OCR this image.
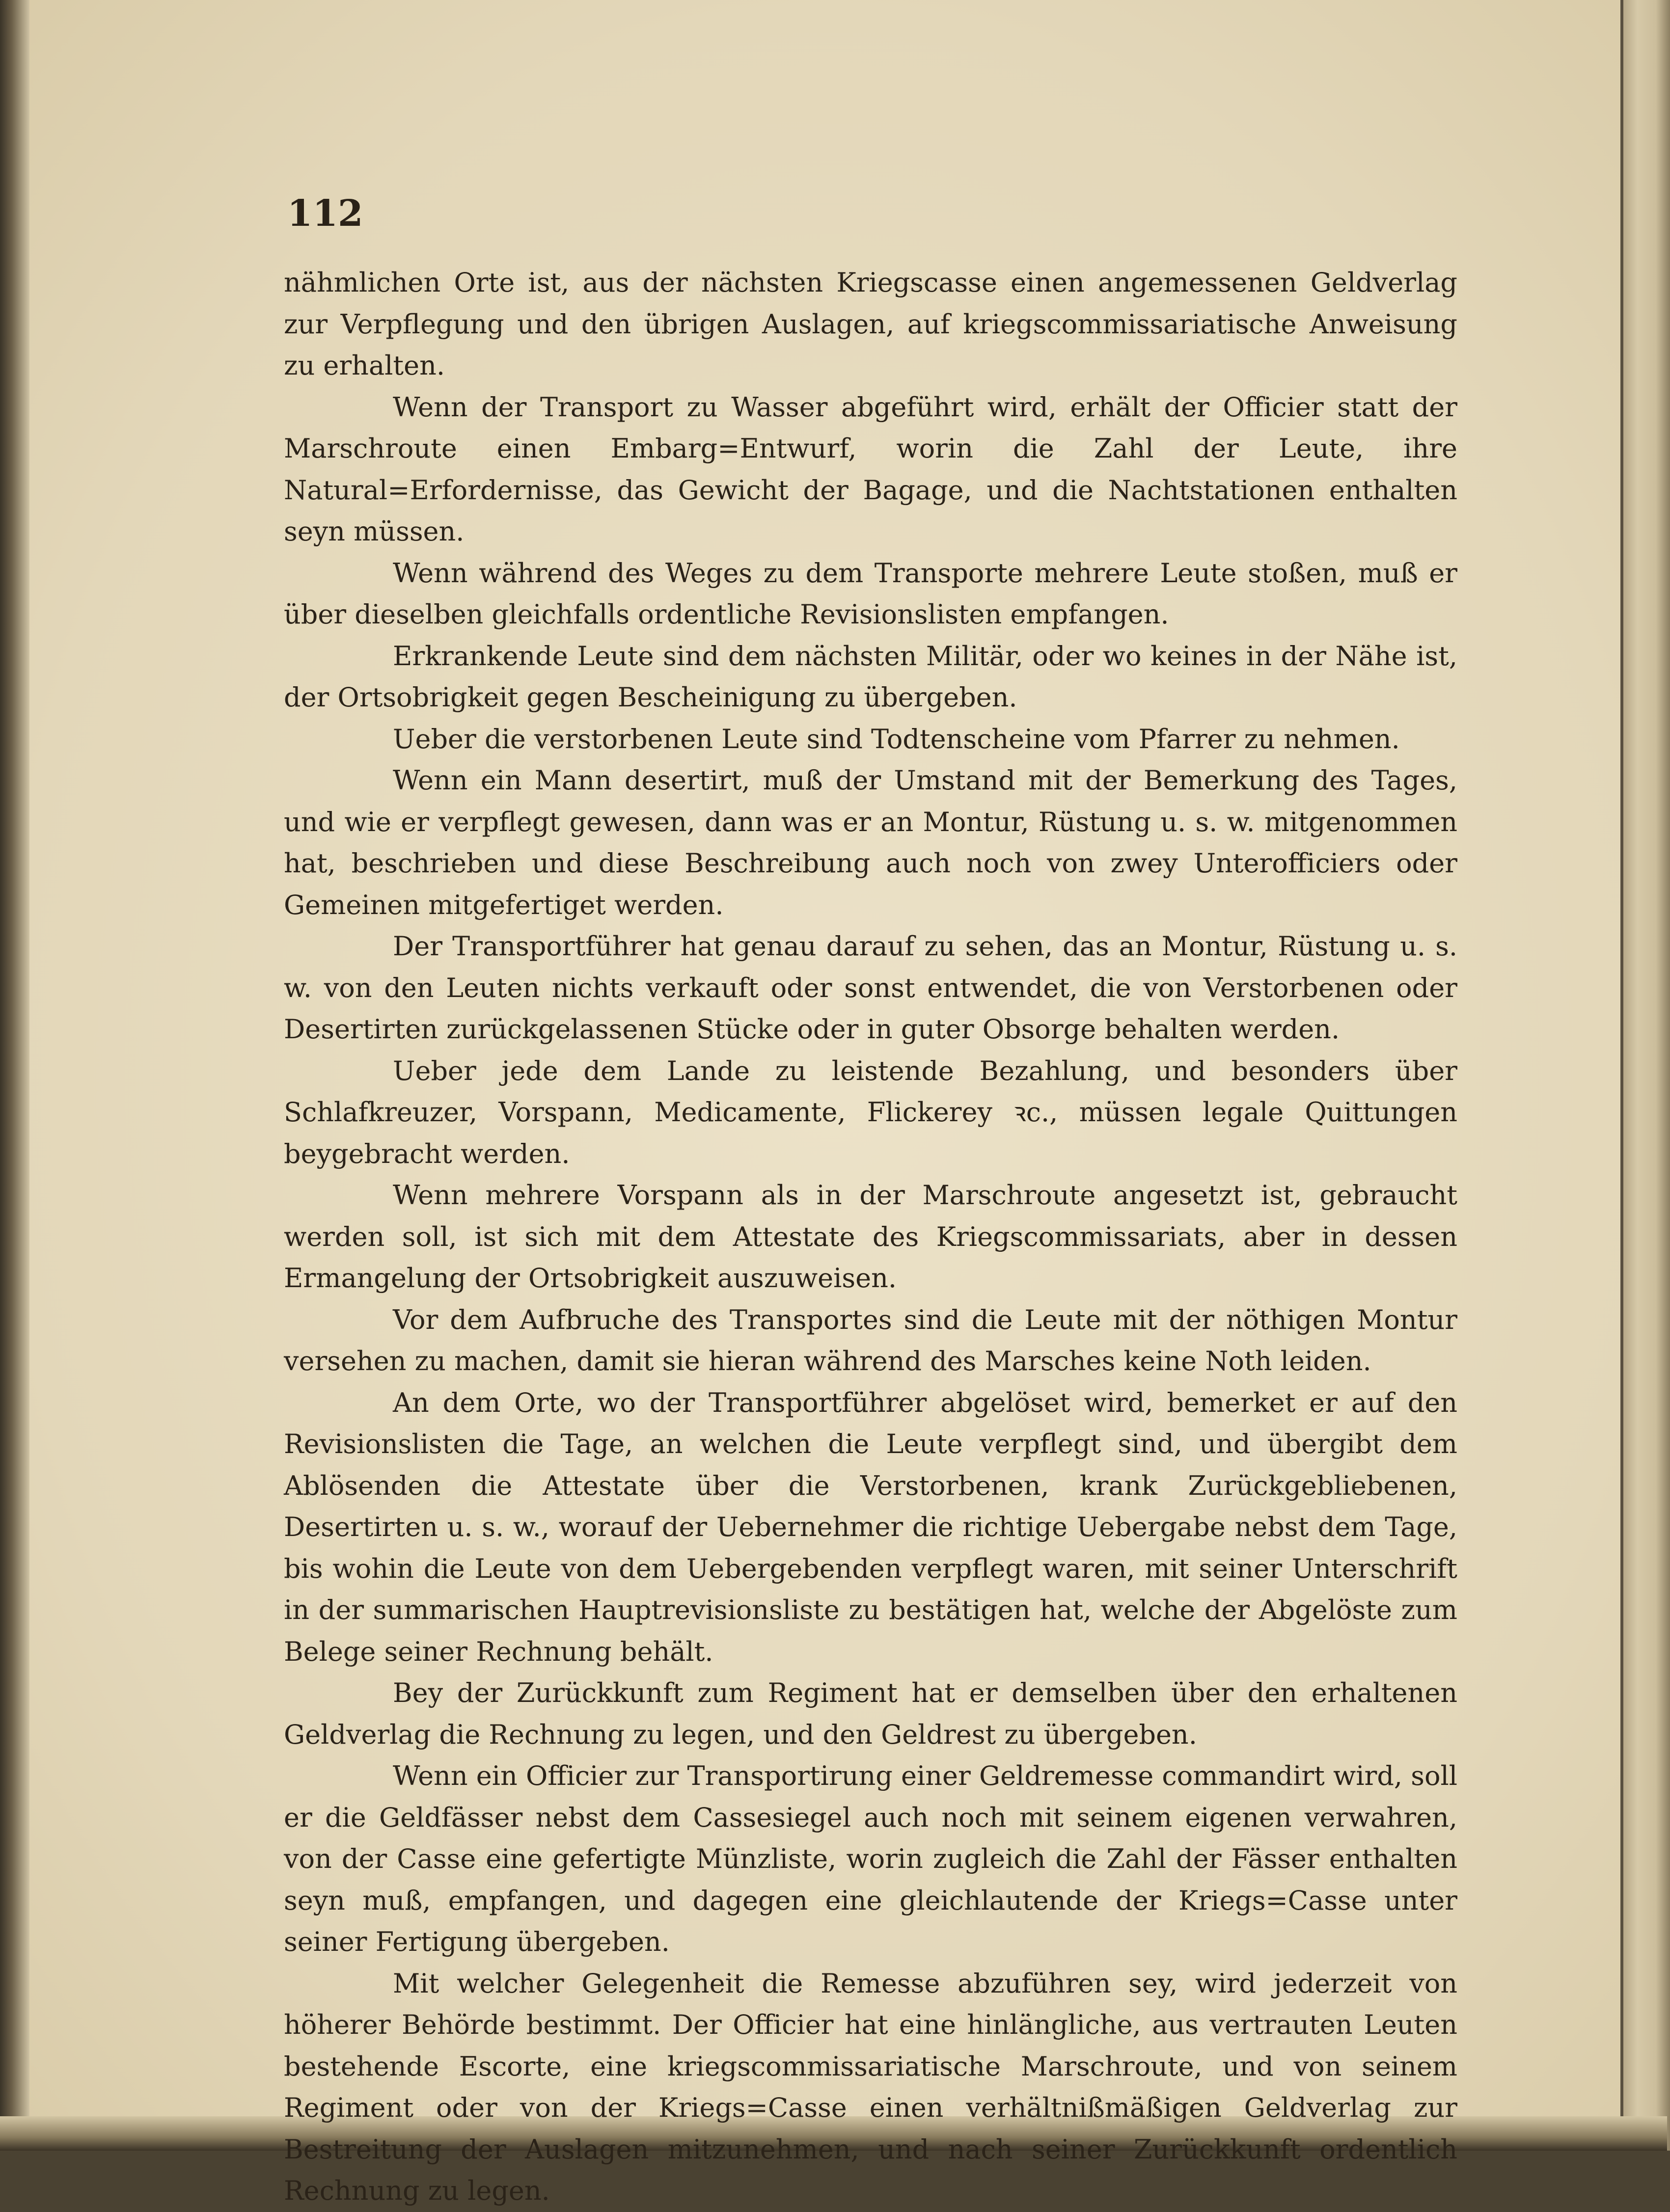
112

nähmlichen Orte ist, aus der nächsten Kriegscasse einen angemessenen Geldverlag zur Verpflegung und den übrigen Auslagen, auf kriegscommissariatische Anweisung zu erhalten.

Wenn der Transport zu Wasser abgeführt wird, erhält der Officier statt der Marschroute einen Embarg=Entwurf, worin die Zahl der Leute, ihre Natural=Erfordernisse, das Gewicht der Bagage, und die Nachtstationen enthalten seyn müssen.

Wenn während des Weges zu dem Transporte mehrere Leute stoßen, muß er über dieselben gleichfalls ordentliche Revisionslisten empfangen.

Erkrankende Leute sind dem nächsten Militär, oder wo keines in der Nähe ist, der Ortsobrigkeit gegen Bescheinigung zu übergeben.

Ueber die verstorbenen Leute sind Todtenscheine vom Pfarrer zu nehmen.

Wenn ein Mann desertirt, muß der Umstand mit der Bemerkung des Tages, und wie er verpflegt gewesen, dann was er an Montur, Rüstung u. s. w. mitgenommen hat, beschrieben und diese Beschreibung auch noch von zwey Unterofficiers oder Gemeinen mitgefertiget werden.

Der Transportführer hat genau darauf zu sehen, das an Montur, Rüstung u. s. w. von den Leuten nichts verkauft oder sonst entwendet, die von Verstorbenen oder Desertirten zurückgelassenen Stücke oder in guter Obsorge behalten werden.

Ueber jede dem Lande zu leistende Bezahlung, und besonders über Schlafkreuzer, Vorspann, Medicamente, Flickerey ꝛc., müssen legale Quittungen beygebracht werden.

Wenn mehrere Vorspann als in der Marschroute angesetzt ist, gebraucht werden soll, ist sich mit dem Attestate des Kriegscommissariats, aber in dessen Ermangelung der Ortsobrigkeit auszuweisen.

Vor dem Aufbruche des Transportes sind die Leute mit der nöthigen Montur versehen zu machen, damit sie hieran während des Marsches keine Noth leiden.

An dem Orte, wo der Transportführer abgelöset wird, bemerket er auf den Revisionslisten die Tage, an welchen die Leute verpflegt sind, und übergibt dem Ablösenden die Attestate über die Verstorbenen, krank Zurückgebliebenen, Desertirten u. s. w., worauf der Uebernehmer die richtige Uebergabe nebst dem Tage, bis wohin die Leute von dem Uebergebenden verpflegt waren, mit seiner Unterschrift in der summarischen Hauptrevisionsliste zu bestätigen hat, welche der Abgelöste zum Belege seiner Rechnung behält.

Bey der Zurückkunft zum Regiment hat er demselben über den erhaltenen Geldverlag die Rechnung zu legen, und den Geldrest zu übergeben.

Wenn ein Officier zur Transportirung einer Geldremesse commandirt wird, soll er die Geldfässer nebst dem Cassesiegel auch noch mit seinem eigenen verwahren, von der Casse eine gefertigte Münzliste, worin zugleich die Zahl der Fässer enthalten seyn muß, empfangen, und dagegen eine gleichlautende der Kriegs=Casse unter seiner Fertigung übergeben.

Mit welcher Gelegenheit die Remesse abzuführen sey, wird jederzeit von höherer Behörde bestimmt. Der Officier hat eine hinlängliche, aus vertrauten Leuten bestehende Escorte, eine kriegscommissariatische Marschroute, und von seinem Regiment oder von der Kriegs=Casse einen verhältnißmäßigen Geldverlag zur Bestreitung der Auslagen mitzunehmen, und nach seiner Zurückkunft ordentlich Rechnung zu legen.
